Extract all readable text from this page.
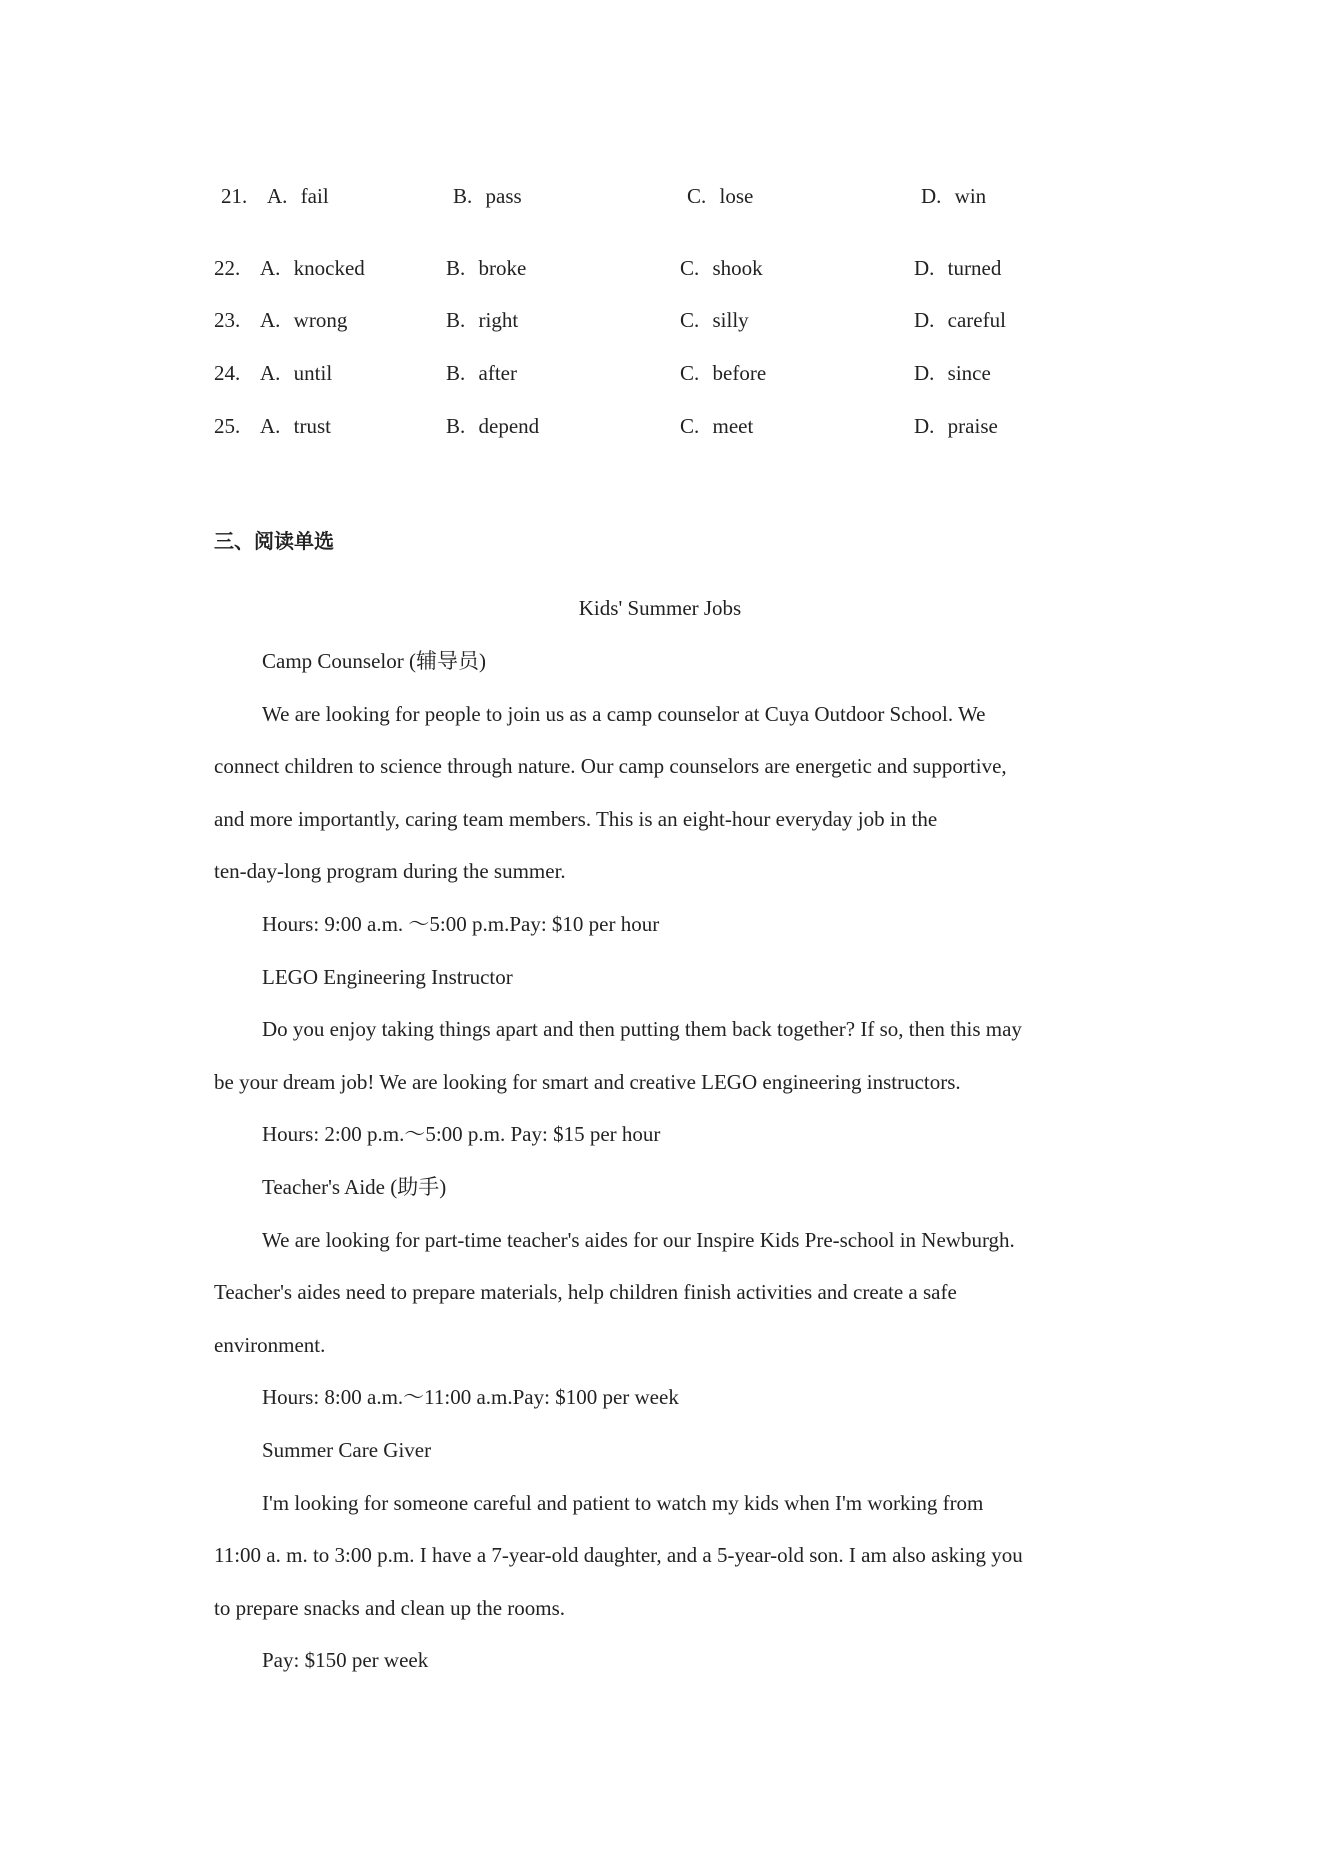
21. A. fail	B. pass	C. lose	D. win
22. A. knocked	B. broke	C. shook	D. turned
23. A. wrong	B. right	C. silly	D. careful
24. A. until	B. after	C. before	D. since
25. A. trust	B. depend	C. meet	D. praise
三、阅读单选
Kids' Summer Jobs
Camp Counselor (辅导员)
We are looking for people to join us as a camp counselor at Cuya Outdoor School. We
connect children to science through nature. Our camp counselors are energetic and supportive,
and more importantly, caring team members. This is an eight-hour everyday job in the
ten-day-long program during the summer.
Hours: 9:00 a.m. ～5:00 p.m.Pay: $10 per hour
LEGO Engineering Instructor
Do you enjoy taking things apart and then putting them back together? If so, then this may
be your dream job! We are looking for smart and creative LEGO engineering instructors.
Hours: 2:00 p.m.～5:00 p.m. Pay: $15 per hour
Teacher's Aide (助手)
We are looking for part-time teacher's aides for our Inspire Kids Pre-school in Newburgh.
Teacher's aides need to prepare materials, help children finish activities and create a safe
environment.
Hours: 8:00 a.m.～11:00 a.m.Pay: $100 per week
Summer Care Giver
I'm looking for someone careful and patient to watch my kids when I'm working from
11:00 a. m. to 3:00 p.m. I have a 7-year-old daughter, and a 5-year-old son. I am also asking you
to prepare snacks and clean up the rooms.
Pay: $150 per week
